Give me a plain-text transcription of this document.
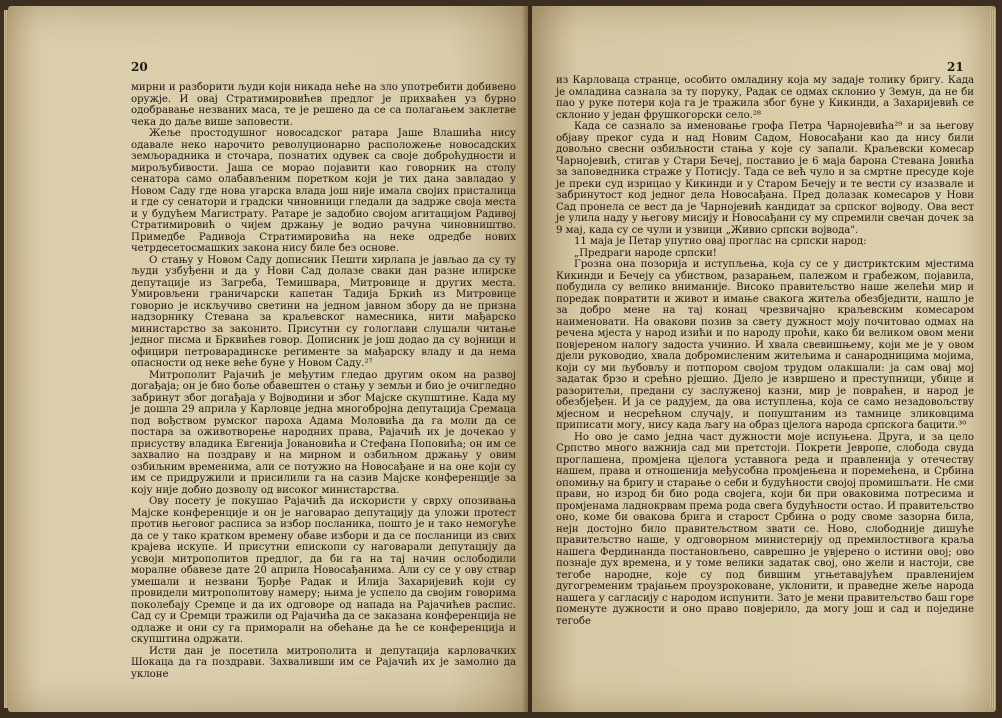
20

мирни и разборити људи који никада неће на зло употребити добивено оружје. И овај Стратимировићев предлог је прихваћен уз бурно одобравање незваних маса, те је решено да се са полагањем заклетве чека до даље више заповести.

Жеље простодушног новосадског ратара Јаше Влашића нису одавале неко нарочито револуционарно расположење новосадских земљорадника и сточара, познатих одувек са своје доброћудности и мирољубивости. Јаша се морао појавити као говорник на столу сенатора само олабављеним поретком који је тих дана завладао у Новом Саду где нова угарска влада још није имала својих присталица и где су сенатори и градски чиновници гледали да задрже своја места и у будућем Магистрату. Ратаре је задобио својом агитацијом Радивој Стратимировић о чијем држању је водио рачуна чиновништво. Примедбе Радивоја Стратимировића на неке одредбе нових четрдесетосмашких закона нису биле без основе.

О стању у Новом Саду дописник Пешти хирлапа је јављао да су ту људи узбуђени и да у Нови Сад долазе сваки дан разне илирске депутације из Загреба, Темишвара, Митровице и других места. Умировљени граничарски капетан Тадија Бркић из Митровице говорио је искључиво светини на једном јавном збору да не призна надзорнику Стевана за краљевског намесника, нити мађарско министарство за законито. Присутни су гологлави слушали читање једног писма и Брквићев говор. Дописник је још додао да су војници и официри петроварадинске регименте за мађарску владу и да нема опасности од неке веће буне у Новом Саду.²⁷

Митрополит Рајачић је међутим гледао другим оком на развој догађаја; он је био боље обавештен о стању у земљи и био је очигледно забринут због догађаја у Војводини и због Мајске скупштине. Када му је дошла 29 априла у Карловце једна многобројна депутација Сремаца под вођством румског пароха Адама Моловића да га моли да се постара за оживотворење народних права, Рајачић их је дочекао у присуству владика Евгенија Јовановића и Стефана Поповића; он им се захвалио на поздраву и на мирном и озбиљном држању у овим озбиљним временима, али се потужио на Новосађане и на оне који су им се придружили и присилили га на сазив Мајске конференције за коју није добио дозволу од високог министарства.

Ову посету је покушао Рајачић да искористи у сврху опозивања Мајске конференције и он је наговарао депутацију да уложи протест против његовог расписа за избор посланика, пошто је и тако немогуће да се у тако кратком времену обаве избори и да се посланици из свих крајева искупе. И присутни епископи су наговарали депутацију да усвоји митрополитов предлог, да би га на тај начин ослободили моралне обавезе дате 20 априла Новосађанима. Али су се у ову ствар умешали и незвани Ђорђе Радак и Илија Захаријевић који су провидели митрополитову намеру; њима је успело да својим говорима поколебају Сремце и да их одговоре од напада на Рајачићев распис. Сад су и Сремци тражили од Рајачића да се заказана конференција не одлаже и они су га приморали на обећање да ће се конференција и скупштина одржати.

Исти дан је посетила митрополита и депутација карловачких Шокаца да га поздрави. Захваливши им се Рајачић их је замолио да уклоне

21

из Карловаца странце, особито омладину која му задаје толику бригу. Када је омладина сазнала за ту поруку, Радак се одмах склонио у Земун, да не би пао у руке потери која га је тражила због буне у Кикинди, а Захаријевић се склонио у један фрушкогорски село.²⁸

Када се сазнало за именовање грофа Петра Чарнојевића²⁹ и за његову објаву преког суда и над Новим Садом, Новосађани као да нису били довољно свесни озбиљности стања у које су запали. Краљевски комесар Чарнојевић, стигав у Стари Бечеј, поставио је 6 маја барона Стевана Јовића за заповедника страже у Потисју. Тада се већ чуло и за смртне пресуде које је преки суд изрицао у Кикинди и у Старом Бечеју и те вести су изазвале и забринутост код једног дела Новосађана. Пред долазак комесаров у Нови Сад пронела се вест да је Чарнојевић кандидат за српског војводу. Ова вест је улила наду у његову мисију и Новосађани су му спремили свечан дочек за 9 мај, када су се чули и узвици „Живио српски војвода".

11 маја је Петар упутио овај проглас на српски народ:

„Предраги народе српски!

Грозна она позорија и иступљења, која су се у дистриктским мјестима Кикинди и Бечеју са убиством, разарањем, палежом и грабежом, појавила, побудила су велико вниманије. Високо правитељство наше желећи мир и поредак повратити и живот и имање свакога житеља обезбједити, нашло је за добро мене на тај конац чрезвичајно краљевским комесаром наименовати. На овакови позив за свету дужност моју почитовао одмах на речена мјеста у народ изићи и по народу проћи, како би великом овом мени повјереном налогу задоста учинио. И хвала свевишњему, који ме је у овом дјели руководио, хвала добромисленим житељима и санародницима мојима, који су ми љубовљу и потпором својом трудом олакшали: ја сам овај мој задатак брзо и срећно рјешио. Дјело је извршено и преступници, убице и разоритељи, предани су заслуженој казни, мир је повраћен, и народ је обезбјеђен. И ја се радујем, да ова иступлења, која се само незадовољству мјесном и несрећном случају, и попуштаним из тамнице зликовцима приписати могу, нису када љагу на образ цјелога народа српскога бацити.³⁰

Но ово је само једна част дужности моје испуњена. Друга, и за цело Српство много важнија сад ми претстоји. Покрети Јевропе, слобода свуда проглашена, промјена цјелога уставнога реда и правленија у отечеству нашем, права и отношенија међусобна промјењена и поремећена, и Србина опомињу на бригу и старање о себи и будућности својој промишљати. Не сми прави, но изрод би био рода својега, који би при оваковима потресима и промјенама ладнокрвам према рода свега будућности остао. И правитељство оно, коме би овакова брига и старост Србина о роду своме зазорна била, нејн достојно било правитељством звати се. Ново, слободније дишуће правитељство наше, у одговорном министерију од премилостивога краља нашега Фердинанда постановљено, саврешно је увјерено о истини овој; ово познаје дух времена, и у томе велики задатак свој, оно жели и настоји, све тегобе народне, које су под бившим угњетавајућем правленијем дугогременим трајањем проузроковане, уклонити, и праведне жеље народа нашега у сагласију с народом испунити. Зато је мени правитељство бaш горе поменуте дужности и оно право повјерило, да могу још и сад и поједине тегобе
